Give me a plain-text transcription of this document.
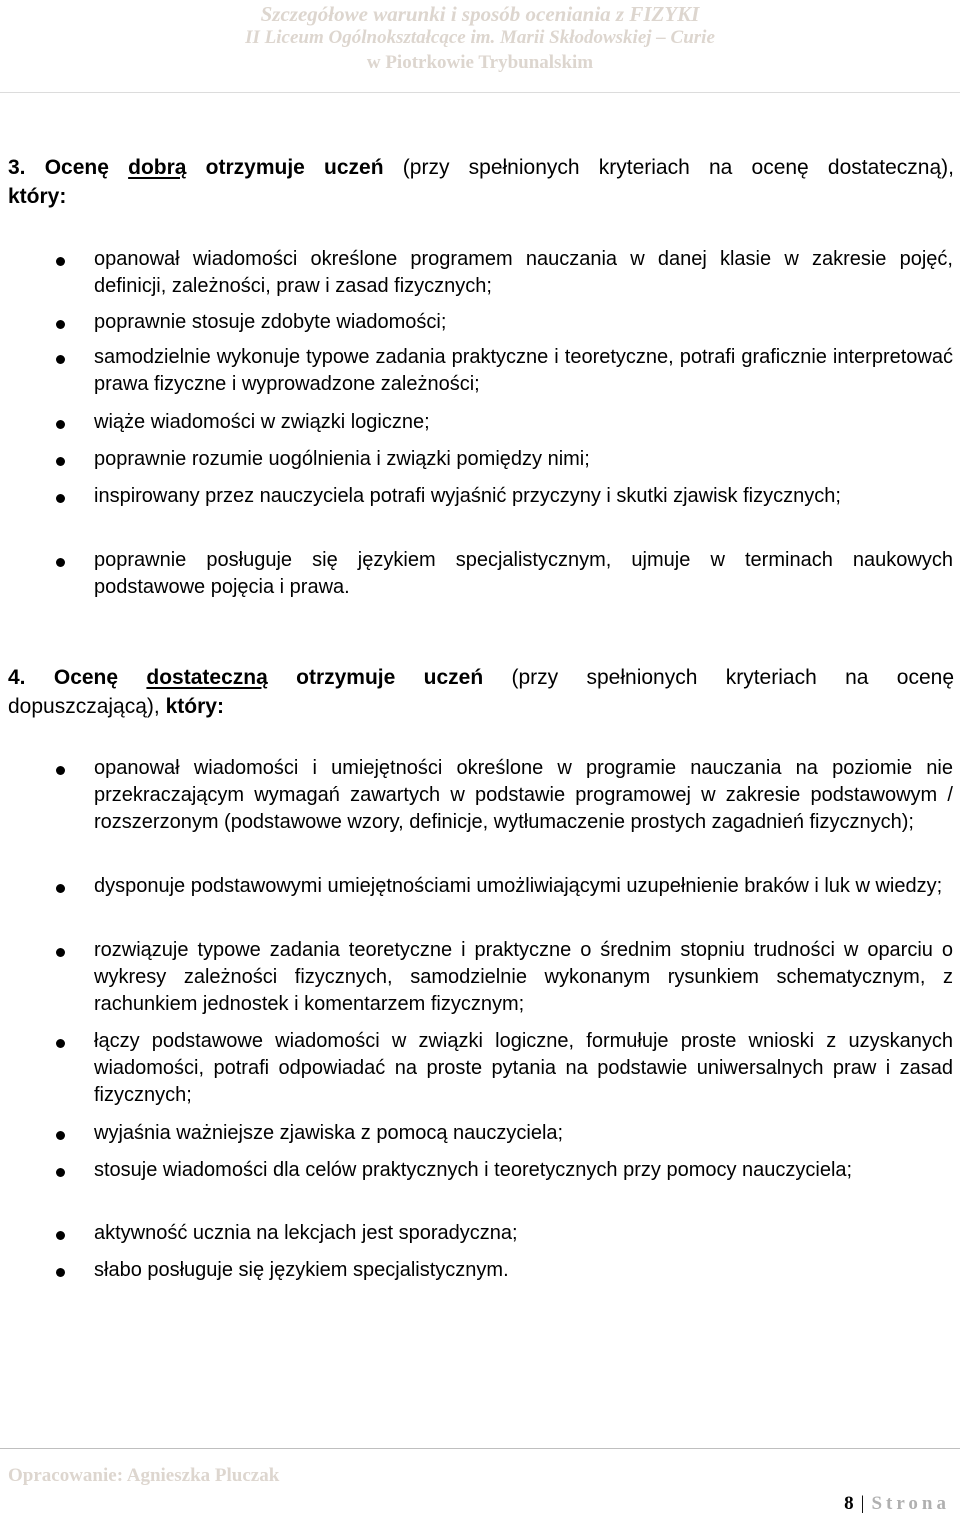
Szczegółowe warunki i sposób oceniania z FIZYKI
II Liceum Ogólnokształcące im. Marii Skłodowskiej – Curie
w Piotrkowie Trybunalskim
3. Ocenę dobrą otrzymuje uczeń (przy spełnionych kryteriach na ocenę dostateczną),
który:
opanował wiadomości określone programem nauczania w danej klasie w zakresie pojęć, definicji, zależności, praw i zasad fizycznych;
poprawnie stosuje zdobyte wiadomości;
samodzielnie wykonuje typowe zadania praktyczne i teoretyczne, potrafi graficznie interpretować prawa fizyczne i wyprowadzone zależności;
wiąże wiadomości w związki logiczne;
poprawnie rozumie uogólnienia i związki pomiędzy nimi;
inspirowany przez nauczyciela potrafi wyjaśnić przyczyny i skutki zjawisk fizycznych;
poprawnie posługuje się językiem specjalistycznym, ujmuje w terminach naukowych podstawowe pojęcia i prawa.
4. Ocenę dostateczną otrzymuje uczeń (przy spełnionych kryteriach na ocenę
dopuszczającą), który:
opanował wiadomości i umiejętności określone w programie nauczania na poziomie nie przekraczającym wymagań zawartych w podstawie programowej w zakresie podstawowym / rozszerzonym (podstawowe wzory, definicje, wytłumaczenie prostych zagadnień fizycznych);
dysponuje podstawowymi umiejętnościami umożliwiającymi uzupełnienie braków i luk w wiedzy;
rozwiązuje typowe zadania teoretyczne i praktyczne o średnim stopniu trudności w oparciu o wykresy zależności fizycznych, samodzielnie wykonanym rysunkiem schematycznym, z rachunkiem jednostek i komentarzem fizycznym;
łączy podstawowe wiadomości w związki logiczne, formułuje proste wnioski z uzyskanych wiadomości, potrafi odpowiadać na proste pytania na podstawie uniwersalnych praw i zasad fizycznych;
wyjaśnia ważniejsze zjawiska z pomocą nauczyciela;
stosuje wiadomości dla celów praktycznych i teoretycznych przy pomocy nauczyciela;
aktywność ucznia na lekcjach jest sporadyczna;
słabo posługuje się językiem specjalistycznym.
Opracowanie: Agnieszka Pluczak
8 | Strona
